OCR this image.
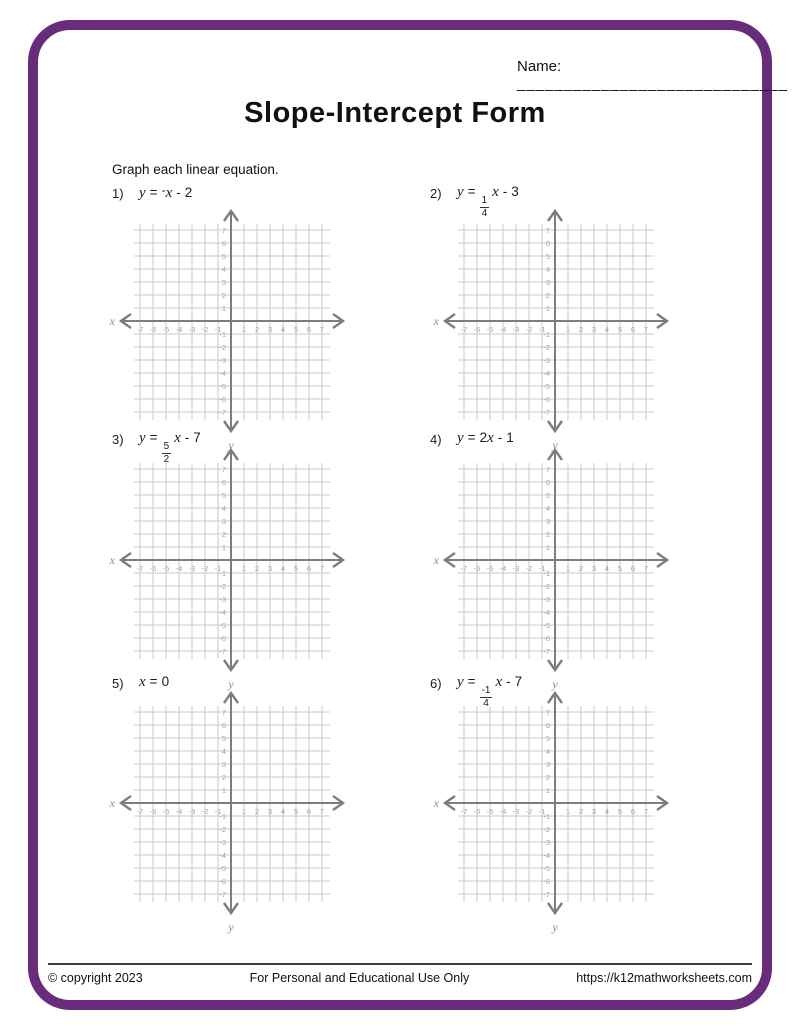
Name: _____________________________
Slope-Intercept Form
Graph each linear equation.
1) y = -x - 2
-7 -6 -5 -4 -3 -2 -1	1 2 3 4 5 6 7
7
6
5
4
3
2
1
-1
-2
-3
-4
-5
-6
-7
x
y
2) y =
$\frac{1}{4}$
x - 3
-7 -6 -5 -4 -3 -2 -1	1 2 3 4 5 6 7
7
6
5
4
3
2
1
-1
-2
-3
-4
-5
-6
-7
x
y
3) y =
$\frac{5}{2}$
x - 7
-7 -6 -5 -4 -3 -2 -1	1 2 3 4 5 6 7
7
6
5
4
3
2
1
-1
-2
-3
-4
-5
-6
-7
x
y
4) y = 2x - 1
-7 -6 -5 -4 -3 -2 -1	1 2 3 4 5 6 7
7
6
5
4
3
2
1
-1
-2
-3
-4
-5
-6
-7
x
y
5) x = 0
-7 -6 -5 -4 -3 -2 -1	1 2 3 4 5 6 7
7
6
5
4
3
2
1
-1
-2
-3
-4
-5
-6
-7
x
y
6) y =
$\frac{-1}{4}$
x - 7
-7 -6 -5 -4 -3 -2 -1	1 2 3 4 5 6 7
7
6
5
4
3
2
1
-1
-2
-3
-4
-5
-6
-7
x
y
© copyright 2023	For Personal and Educational Use Only	https://k12mathworksheets.com
